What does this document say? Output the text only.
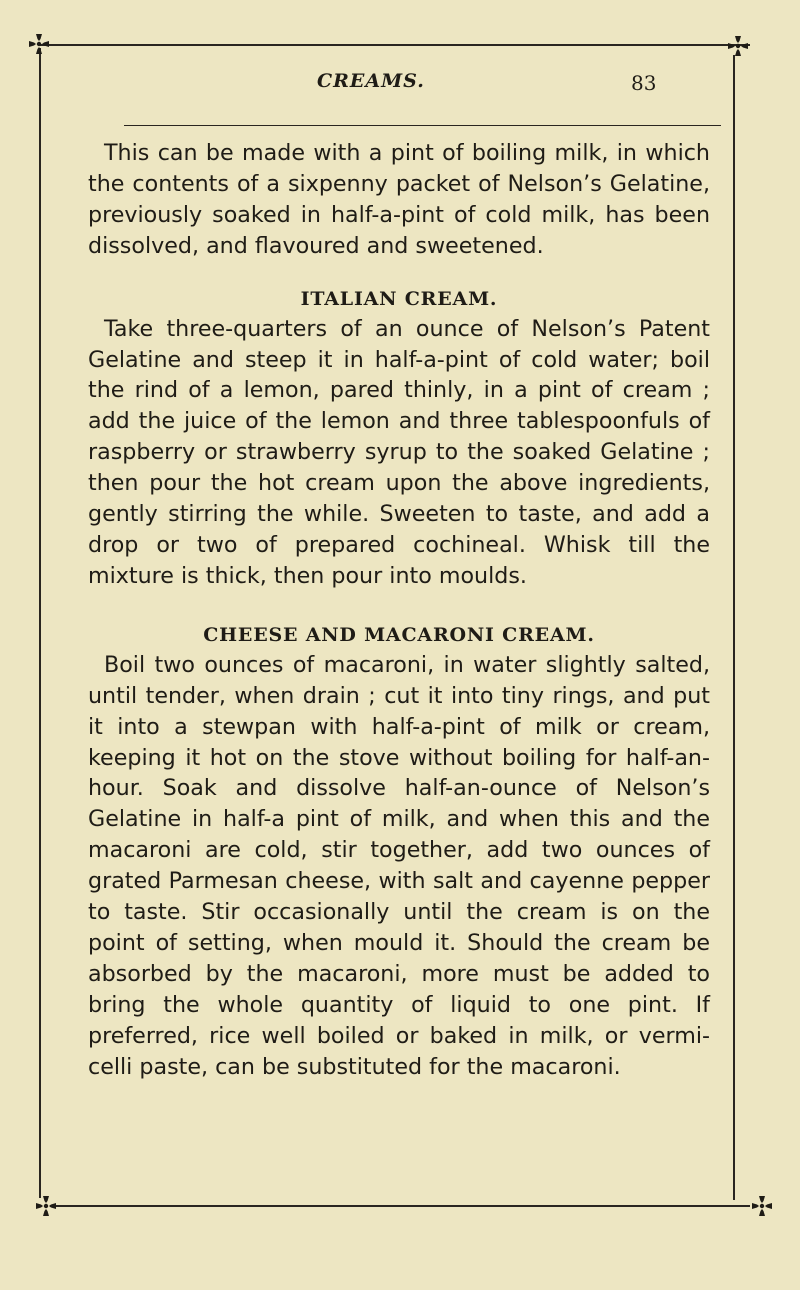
CREAMS.	83

This can be made with a pint of boiling milk, in which the contents of a sixpenny packet of Nelson’s Gelatine, previously soaked in half-a-pint of cold milk, has been dissolved, and flavoured and sweetened.

ITALIAN CREAM.

Take three-quarters of an ounce of Nelson’s Patent Gelatine and steep it in half-a-pint of cold water; boil the rind of a lemon, pared thinly, in a pint of cream ; add the juice of the lemon and three tablespoonfuls of raspberry or strawberry syrup to the soaked Gelatine ; then pour the hot cream upon the above ingredients, gently stirring the while. Sweeten to taste, and add a drop or two of prepared cochineal. Whisk till the mixture is thick, then pour into moulds.

CHEESE AND MACARONI CREAM.

Boil two ounces of macaroni, in water slightly salted, until tender, when drain ; cut it into tiny rings, and put it into a stewpan with half-a-pint of milk or cream, keeping it hot on the stove without boiling for half-an-hour. Soak and dissolve half-an-ounce of Nelson’s Gelatine in half-a pint of milk, and when this and the macaroni are cold, stir together, add two ounces of grated Parmesan cheese, with salt and cayenne pepper to taste. Stir occasionally until the cream is on the point of setting, when mould it. Should the cream be absorbed by the macaroni, more must be added to bring the whole quantity of liquid to one pint. If preferred, rice well boiled or baked in milk, or vermi-celli paste, can be substituted for the macaroni.
